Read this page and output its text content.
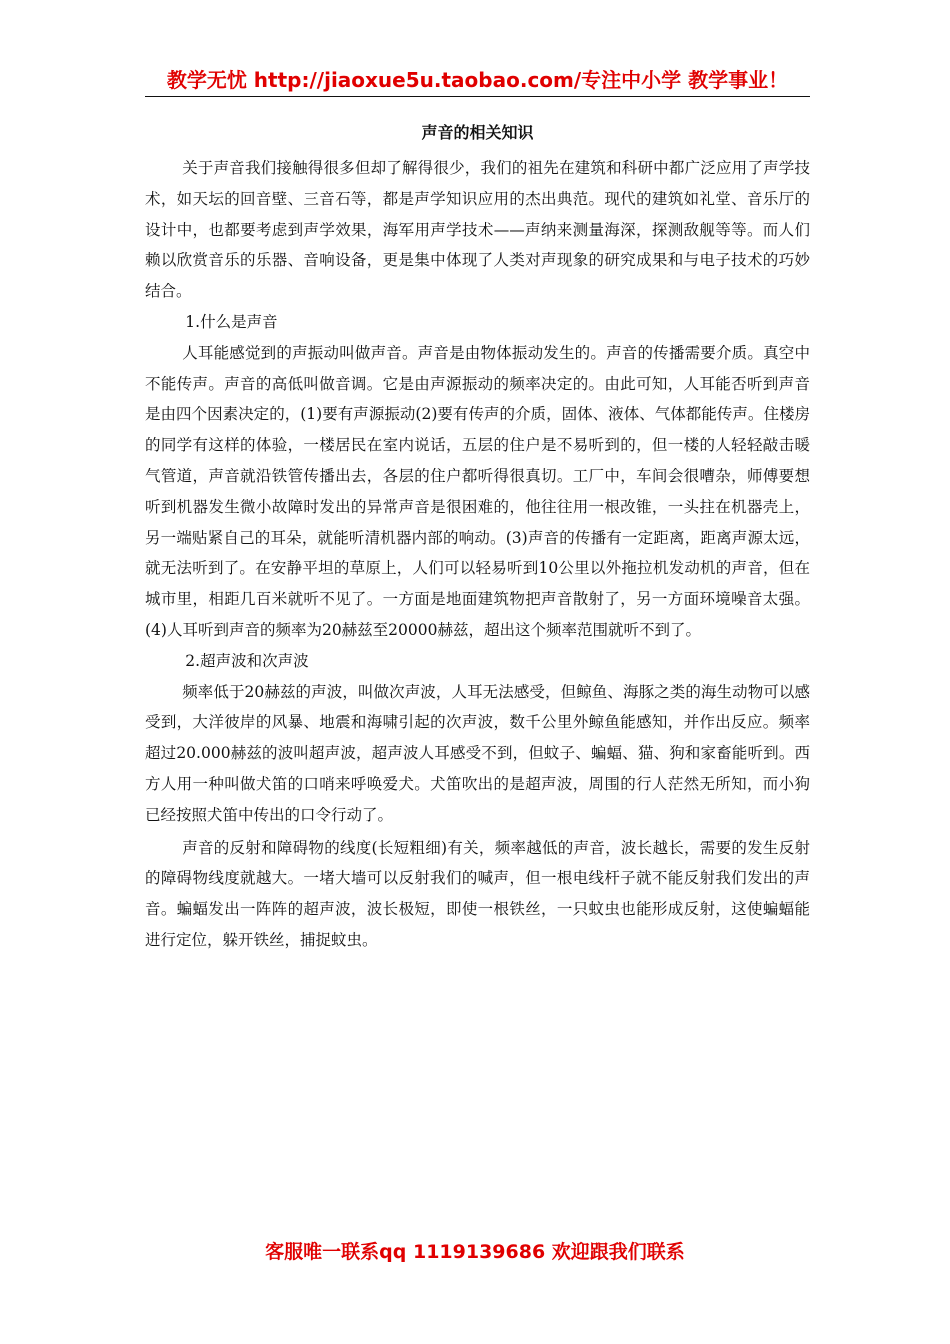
教学无忧 http://jiaoxue5u.taobao.com/专注中小学 教学事业！
声音的相关知识

关于声音我们接触得很多但却了解得很少，我们的祖先在建筑和科研中都广泛应用了声学技术，如天坛的回音壁、三音石等，都是声学知识应用的杰出典范。现代的建筑如礼堂、音乐厅的设计中，也都要考虑到声学效果，海军用声学技术——声纳来测量海深，探测敌舰等等。而人们赖以欣赏音乐的乐器、音响设备，更是集中体现了人类对声现象的研究成果和与电子技术的巧妙结合。

1.什么是声音

人耳能感觉到的声振动叫做声音。声音是由物体振动发生的。声音的传播需要介质。真空中不能传声。声音的高低叫做音调。它是由声源振动的频率决定的。由此可知，人耳能否听到声音是由四个因素决定的，(1)要有声源振动(2)要有传声的介质，固体、液体、气体都能传声。住楼房的同学有这样的体验，一楼居民在室内说话，五层的住户是不易听到的，但一楼的人轻轻敲击暖气管道，声音就沿铁管传播出去，各层的住户都听得很真切。工厂中，车间会很嘈杂，师傅要想听到机器发生微小故障时发出的异常声音是很困难的，他往往用一根改锥，一头拄在机器壳上，另一端贴紧自己的耳朵，就能听清机器内部的响动。(3)声音的传播有一定距离，距离声源太远，就无法听到了。在安静平坦的草原上，人们可以轻易听到10公里以外拖拉机发动机的声音，但在城市里，相距几百米就听不见了。一方面是地面建筑物把声音散射了，另一方面环境噪音太强。(4)人耳听到声音的频率为20赫兹至20000赫兹，超出这个频率范围就听不到了。

2.超声波和次声波

频率低于20赫兹的声波，叫做次声波，人耳无法感受，但鲸鱼、海豚之类的海生动物可以感受到，大洋彼岸的风暴、地震和海啸引起的次声波，数千公里外鲸鱼能感知，并作出反应。频率超过20.000赫兹的波叫超声波，超声波人耳感受不到，但蚊子、蝙蝠、猫、狗和家畜能听到。西方人用一种叫做犬笛的口哨来呼唤爱犬。犬笛吹出的是超声波，周围的行人茫然无所知，而小狗已经按照犬笛中传出的口令行动了。

声音的反射和障碍物的线度(长短粗细)有关，频率越低的声音，波长越长，需要的发生反射的障碍物线度就越大。一堵大墙可以反射我们的喊声，但一根电线杆子就不能反射我们发出的声音。蝙蝠发出一阵阵的超声波，波长极短，即使一根铁丝，一只蚊虫也能形成反射，这使蝙蝠能进行定位，躲开铁丝，捕捉蚊虫。

客服唯一联系qq 1119139686 欢迎跟我们联系
